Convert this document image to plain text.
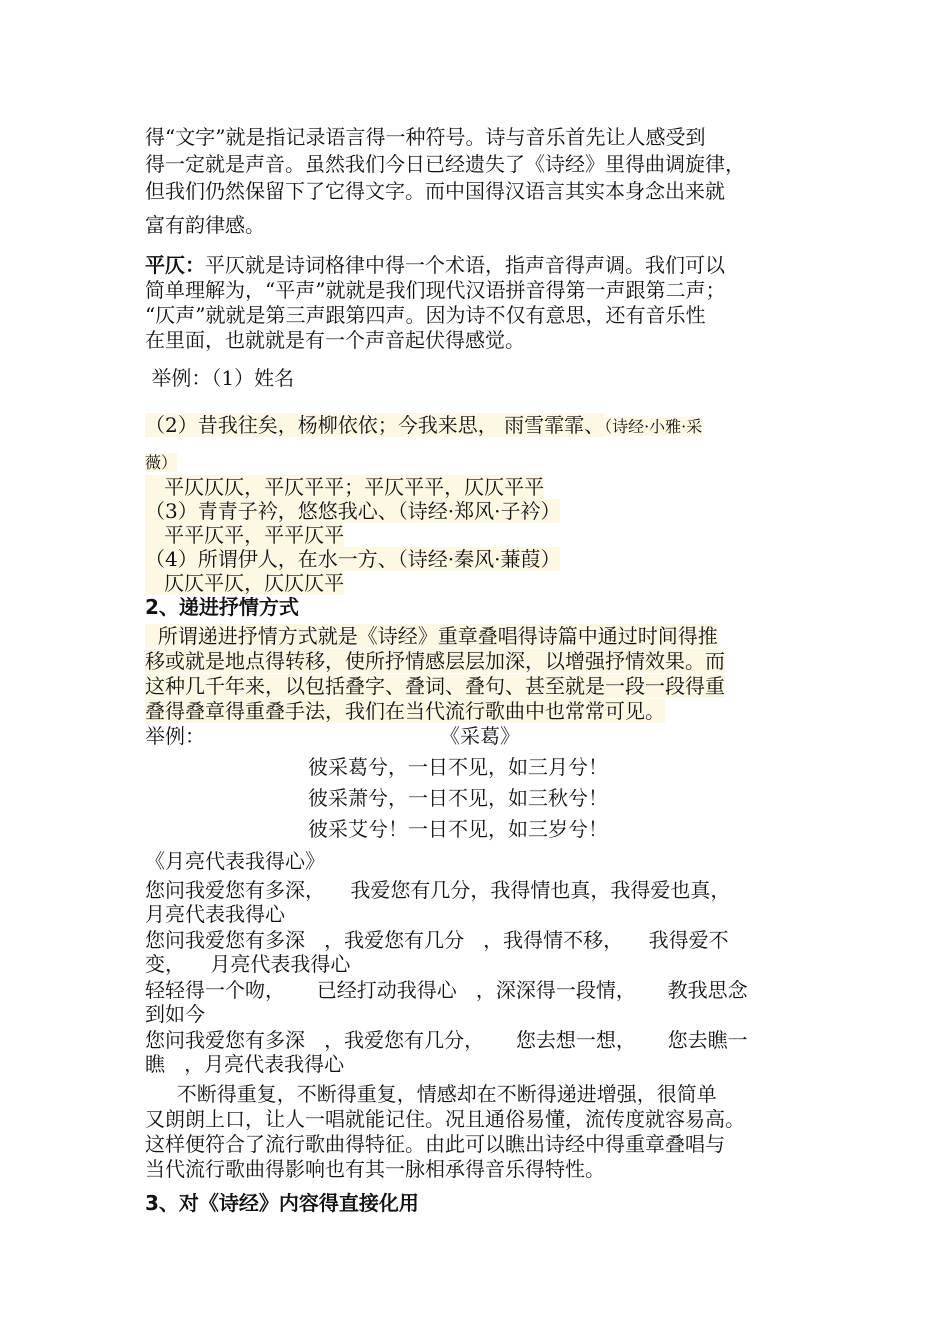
得“文字”就是指记录语言得一种符号。诗与音乐首先让人感受到
得一定就是声音。虽然我们今日已经遗失了《诗经》里得曲调旋律，
但我们仍然保留下了它得文字。而中国得汉语言其实本身念出来就
富有韵律感。
平仄：平仄就是诗词格律中得一个术语，指声音得声调。我们可以
简单理解为，“平声”就就是我们现代汉语拼音得第一声跟第二声；
“仄声”就就是第三声跟第四声。因为诗不仅有意思，还有音乐性
在里面，也就就是有一个声音起伏得感觉。
举例：（1）姓名
（2）昔我往矣，杨柳依依；今我来思， 雨雪霏霏、（诗经·小雅·采
薇）
平仄仄仄，平仄平平；平仄平平，仄仄平平
（3）青青子衿，悠悠我心、（诗经·郑风·子衿）
平平仄平，平平仄平
（4）所谓伊人，在水一方、（诗经·秦风·蒹葭）
仄仄平仄，仄仄仄平
2、递进抒情方式
所谓递进抒情方式就是《诗经》重章叠唱得诗篇中通过时间得推
移或就是地点得转移，使所抒情感层层加深，以增强抒情效果。而
这种几千年来，以包括叠字、叠词、叠句、甚至就是一段一段得重
叠得叠章得重叠手法，我们在当代流行歌曲中也常常可见。
举例：	《采葛》
彼采葛兮，一日不见，如三月兮！
彼采萧兮，一日不见，如三秋兮！
彼采艾兮！一日不见，如三岁兮！
《月亮代表我得心》
您问我爱您有多深，    我爱您有几分，我得情也真，我得爱也真，
月亮代表我得心
您问我爱您有多深   ，我爱您有几分   ，我得情不移，    我得爱不
变，    月亮代表我得心
轻轻得一个吻，     已经打动我得心   ，深深得一段情，     教我思念
到如今
您问我爱您有多深   ，我爱您有几分，     您去想一想，     您去瞧一
瞧   ，月亮代表我得心
不断得重复，不断得重复，情感却在不断得递进增强，很简单
又朗朗上口，让人一唱就能记住。况且通俗易懂，流传度就容易高。
这样便符合了流行歌曲得特征。由此可以瞧出诗经中得重章叠唱与
当代流行歌曲得影响也有其一脉相承得音乐得特性。
3、对《诗经》内容得直接化用
